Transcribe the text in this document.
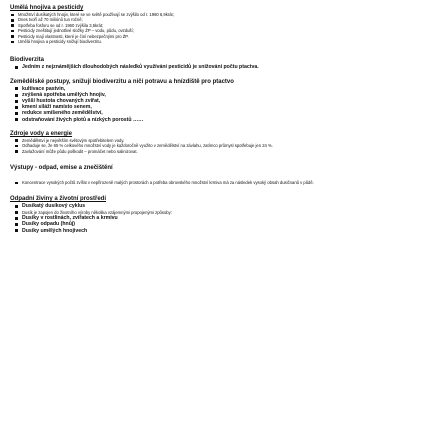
Umělá hnojiva a pesticidy

Množství dusíkatých hnojiv, které se ve světě používají se zvýšilo od r. 1960 6,9krát;
Dnes tvoří až 70 miliónů tun ročně;
Spotřeba fosforu se od r. 1960 zvýšila 3,5krát;
Pesticidy zneštitují jednotlivé složky ŽP – vodu, půdu, ovzduší;
Pesticidy mají vlastnosti, které je činí nebezpečnými pro ŽP.
Umělá hnojiva a pesticidy snižují biodiverzitu.

Biodiverzita

Jedním z nejznámějších dlouhodobých následků využívání pesticidů je snižování počtu ptactva.

Zemědělské postupy, snižují biodiverzitu a ničí potravu a hnízdiště pro ptactvo

kultivace pastvin,
zvýšená spotřeba umělých hnojiv,
vyšší hustota chovaných zvířat,
kmení siláží namísto senem,
redukce smíšeného zemědělství,
odstraňování živých plotů a nízkých porostů ……

Zdroje vody a energie

Zemědělství je největším světovým spotřebitelem vody.
Odhaduje se, že 65 % celkového množství vody je každoročně využito v zemědělství na závlahu, zatímco průmysl spotřebuje jen 24 %.
Zavlažování může půdu poškodit – promáčet nebo salinizovat.

Výstupy - odpad, emise a znečištění

Koncentrace vysokých počtů zvířat v nepřirozeně malých prostorách a potřeba obrovského množství krmiva má za následek vysoký obsah dusičnanů v půdě.

Odpadní živiny a životní prostředí

Dusíkatý dusíkový cyklus
Dusík je zapojen do životního výroby několika vzájemnými propojenými způsoby:
Dusíky v rostlinách, zvířatech a krmivu
Dusíky odpadu (hnůj)
Dusíky umělých hnojivech
